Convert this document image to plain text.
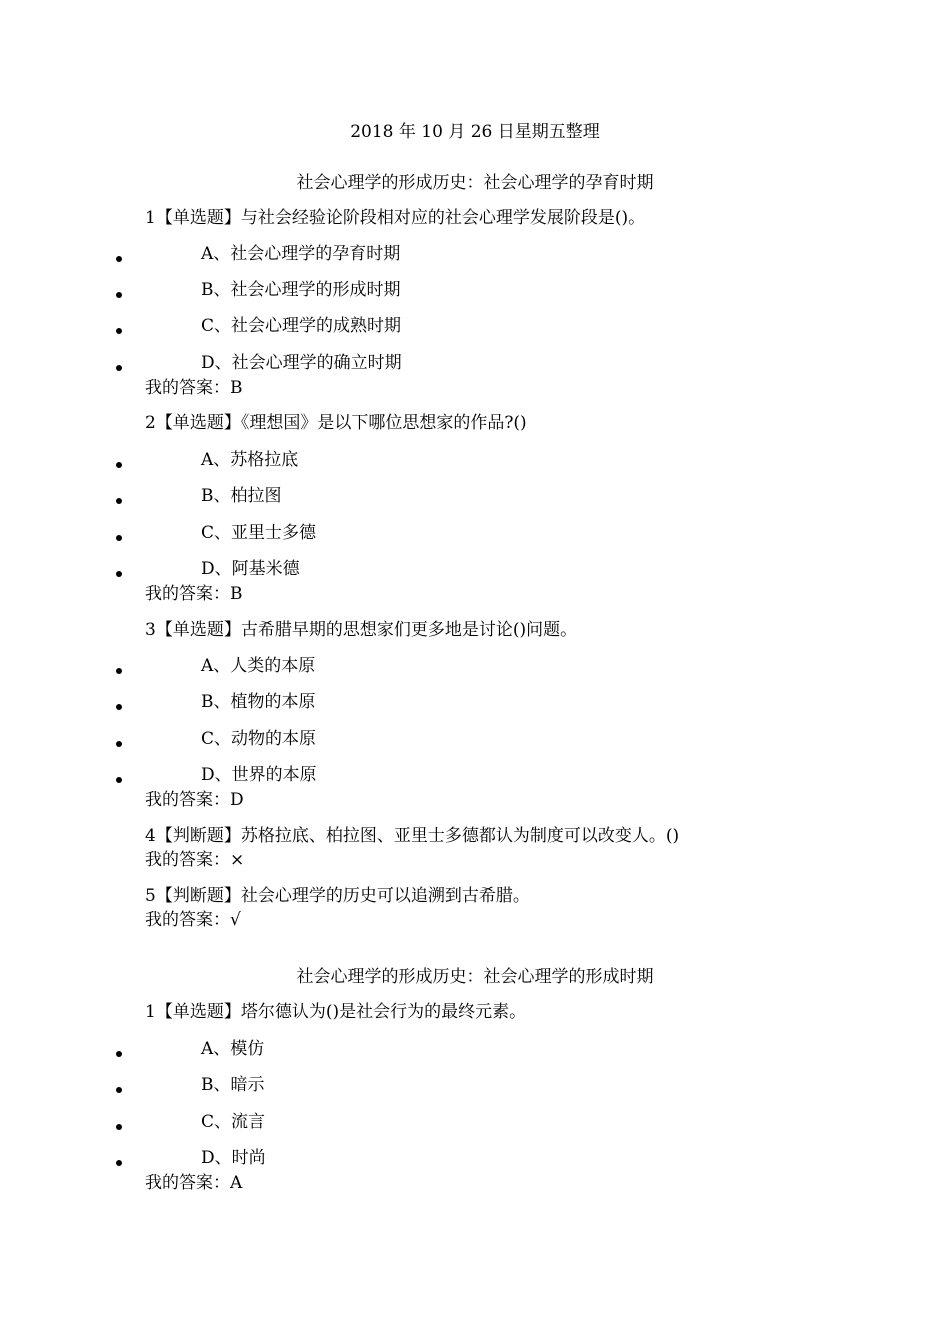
2018 年 10 月 26 日星期五整理
社会心理学的形成历史：社会心理学的孕育时期
1【单选题】与社会经验论阶段相对应的社会心理学发展阶段是()。
A、社会心理学的孕育时期
B、社会心理学的形成时期
C、社会心理学的成熟时期
D、社会心理学的确立时期
我的答案：B
2【单选题】《理想国》是以下哪位思想家的作品?()
A、苏格拉底
B、柏拉图
C、亚里士多德
D、阿基米德
我的答案：B
3【单选题】古希腊早期的思想家们更多地是讨论()问题。
A、人类的本原
B、植物的本原
C、动物的本原
D、世界的本原
我的答案：D
4【判断题】苏格拉底、柏拉图、亚里士多德都认为制度可以改变人。()
我的答案：×
5【判断题】社会心理学的历史可以追溯到古希腊。
我的答案：√
社会心理学的形成历史：社会心理学的形成时期
1【单选题】塔尔德认为()是社会行为的最终元素。
A、模仿
B、暗示
C、流言
D、时尚
我的答案：A
